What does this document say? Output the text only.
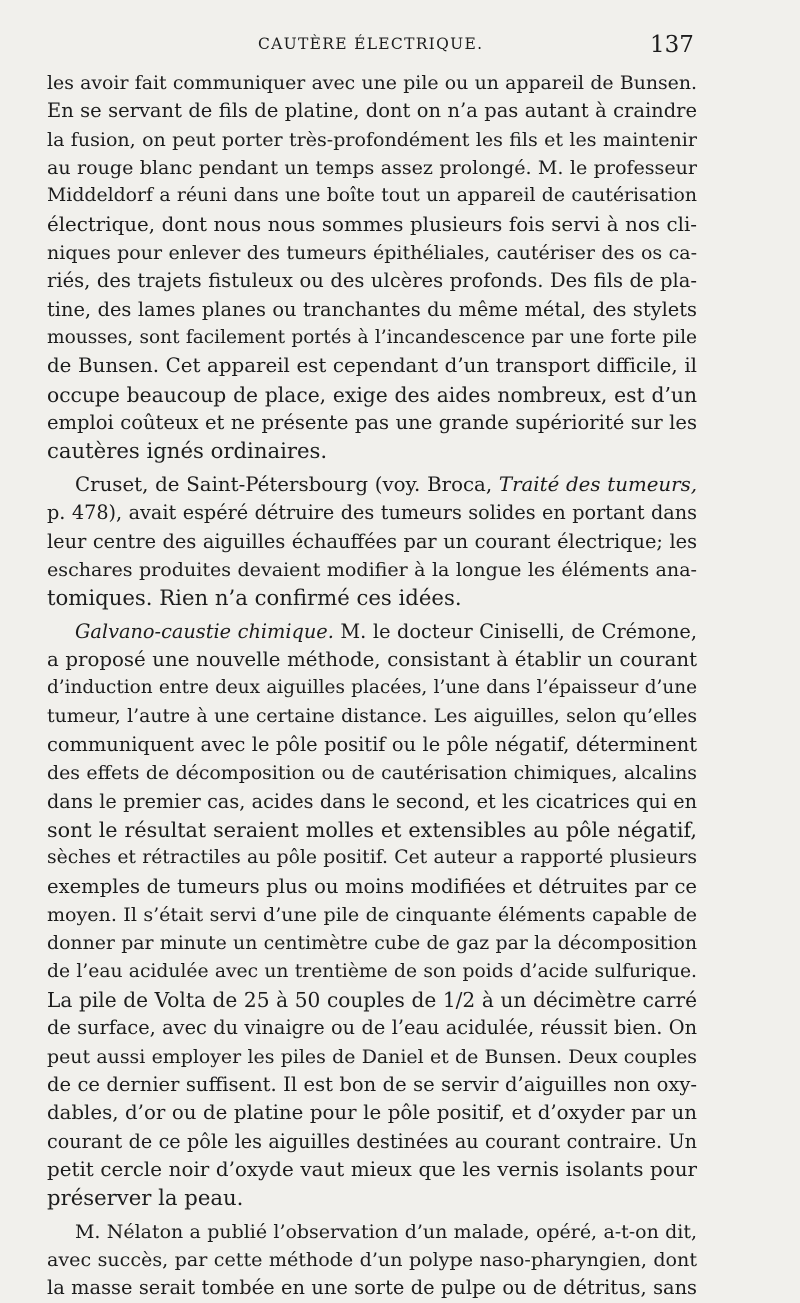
CAUTÈRE ÉLECTRIQUE.	137
les avoir fait communiquer avec une pile ou un appareil de Bunsen.
En se servant de fils de platine, dont on n’a pas autant à craindre
la fusion, on peut porter très-profondément les fils et les maintenir
au rouge blanc pendant un temps assez prolongé. M. le professeur
Middeldorf a réuni dans une boîte tout un appareil de cautérisation
électrique, dont nous nous sommes plusieurs fois servi à nos cli-
niques pour enlever des tumeurs épithéliales, cautériser des os ca-
riés, des trajets fistuleux ou des ulcères profonds. Des fils de pla-
tine, des lames planes ou tranchantes du même métal, des stylets
mousses, sont facilement portés à l’incandescence par une forte pile
de Bunsen. Cet appareil est cependant d’un transport difficile, il
occupe beaucoup de place, exige des aides nombreux, est d’un
emploi coûteux et ne présente pas une grande supériorité sur les
cautères ignés ordinaires.
Cruset, de Saint-Pétersbourg (voy. Broca, Traité des tumeurs,
p. 478), avait espéré détruire des tumeurs solides en portant dans
leur centre des aiguilles échauffées par un courant électrique; les
eschares produites devaient modifier à la longue les éléments ana-
tomiques. Rien n’a confirmé ces idées.
Galvano-caustie chimique. M. le docteur Ciniselli, de Crémone,
a proposé une nouvelle méthode, consistant à établir un courant
d’induction entre deux aiguilles placées, l’une dans l’épaisseur d’une
tumeur, l’autre à une certaine distance. Les aiguilles, selon qu’elles
communiquent avec le pôle positif ou le pôle négatif, déterminent
des effets de décomposition ou de cautérisation chimiques, alcalins
dans le premier cas, acides dans le second, et les cicatrices qui en
sont le résultat seraient molles et extensibles au pôle négatif,
sèches et rétractiles au pôle positif. Cet auteur a rapporté plusieurs
exemples de tumeurs plus ou moins modifiées et détruites par ce
moyen. Il s’était servi d’une pile de cinquante éléments capable de
donner par minute un centimètre cube de gaz par la décomposition
de l’eau acidulée avec un trentième de son poids d’acide sulfurique.
La pile de Volta de 25 à 50 couples de 1/2 à un décimètre carré
de surface, avec du vinaigre ou de l’eau acidulée, réussit bien. On
peut aussi employer les piles de Daniel et de Bunsen. Deux couples
de ce dernier suffisent. Il est bon de se servir d’aiguilles non oxy-
dables, d’or ou de platine pour le pôle positif, et d’oxyder par un
courant de ce pôle les aiguilles destinées au courant contraire. Un
petit cercle noir d’oxyde vaut mieux que les vernis isolants pour
préserver la peau.
M. Nélaton a publié l’observation d’un malade, opéré, a-t-on dit,
avec succès, par cette méthode d’un polype naso-pharyngien, dont
la masse serait tombée en une sorte de pulpe ou de détritus, sans
